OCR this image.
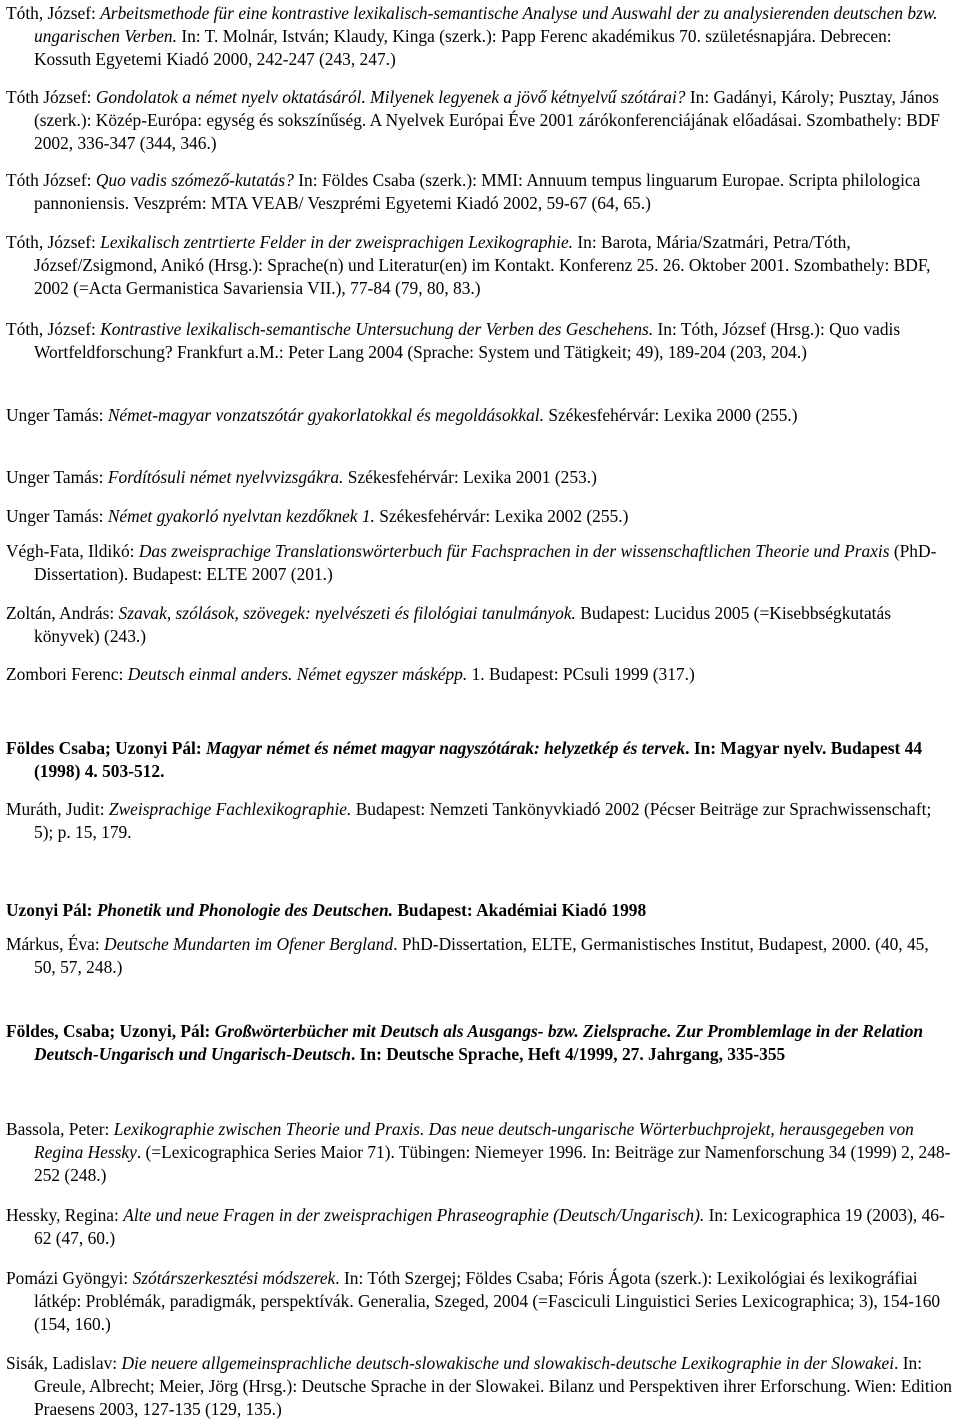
Tóth, József: Arbeitsmethode für eine kontrastive lexikalisch-semantische Analyse und Auswahl der zu analysierenden deutschen bzw. ungarischen Verben. In: T. Molnár, István; Klaudy, Kinga (szerk.): Papp Ferenc akadémikus 70. születésnapjára. Debrecen: Kossuth Egyetemi Kiadó 2000, 242-247 (243, 247.)
Tóth József: Gondolatok a német nyelv oktatásáról. Milyenek legyenek a jövő kétnyelvű szótárai? In: Gadányi, Károly; Pusztay, János (szerk.): Közép-Európa: egység és sokszínűség. A Nyelvek Európai Éve 2001 zárókonferenciájának előadásai. Szombathely: BDF 2002, 336-347 (344, 346.)
Tóth József: Quo vadis szómező-kutatás? In: Földes Csaba (szerk.): MMI: Annuum tempus linguarum Europae. Scripta philologica pannoniensis. Veszprém: MTA VEAB/ Veszprémi Egyetemi Kiadó 2002, 59-67 (64, 65.)
Tóth, József: Lexikalisch zentrtierte Felder in der zweisprachigen Lexikographie. In: Barota, Mária/Szatmári, Petra/Tóth, József/Zsigmond, Anikó (Hrsg.): Sprache(n) und Literatur(en) im Kontakt. Konferenz 25. 26. Oktober 2001. Szombathely: BDF, 2002 (=Acta Germanistica Savariensia VII.), 77-84 (79, 80, 83.)
Tóth, József: Kontrastive lexikalisch-semantische Untersuchung der Verben des Geschehens. In: Tóth, József (Hrsg.): Quo vadis Wortfeldforschung? Frankfurt a.M.: Peter Lang 2004 (Sprache: System und Tätigkeit; 49), 189-204 (203, 204.)
Unger Tamás: Német-magyar vonzatszótár gyakorlatokkal és megoldásokkal. Székesfehérvár: Lexika 2000 (255.)
Unger Tamás: Fordítósuli német nyelvvizsgákra. Székesfehérvár: Lexika 2001 (253.)
Unger Tamás: Német gyakorló nyelvtan kezdőknek 1. Székesfehérvár: Lexika 2002 (255.)
Végh-Fata, Ildikó: Das zweisprachige Translationswörterbuch für Fachsprachen in der wissenschaftlichen Theorie und Praxis (PhD-Dissertation). Budapest: ELTE 2007 (201.)
Zoltán, András: Szavak, szólások, szövegek: nyelvészeti és filológiai tanulmányok. Budapest: Lucidus 2005 (=Kisebbségkutatás könyvek) (243.)
Zombori Ferenc: Deutsch einmal anders. Német egyszer másképp. 1. Budapest: PCsuli 1999 (317.)
Földes Csaba; Uzonyi Pál: Magyar német és német magyar nagyszótárak: helyzetkép és tervek. In: Magyar nyelv. Budapest 44 (1998) 4. 503-512.
Muráth, Judit: Zweisprachige Fachlexikographie. Budapest: Nemzeti Tankönyvkiadó 2002 (Pécser Beiträge zur Sprachwissenschaft; 5); p. 15, 179.
Uzonyi Pál: Phonetik und Phonologie des Deutschen. Budapest: Akadémiai Kiadó 1998
Márkus, Éva: Deutsche Mundarten im Ofener Bergland. PhD-Dissertation, ELTE, Germanistisches Institut, Budapest, 2000. (40, 45, 50, 57, 248.)
Földes, Csaba; Uzonyi, Pál: Großwörterbücher mit Deutsch als Ausgangs- bzw. Zielsprache. Zur Promblemlage in der Relation Deutsch-Ungarisch und Ungarisch-Deutsch. In: Deutsche Sprache, Heft 4/1999, 27. Jahrgang, 335-355
Bassola, Peter: Lexikographie zwischen Theorie und Praxis. Das neue deutsch-ungarische Wörterbuchprojekt, herausgegeben von Regina Hessky. (=Lexicographica Series Maior 71). Tübingen: Niemeyer 1996. In: Beiträge zur Namenforschung 34 (1999) 2, 248-252 (248.)
Hessky, Regina: Alte und neue Fragen in der zweisprachigen Phraseographie (Deutsch/Ungarisch). In: Lexicographica 19 (2003), 46-62 (47, 60.)
Pomázi Gyöngyi: Szótárszerkesztési módszerek. In: Tóth Szergej; Földes Csaba; Fóris Ágota (szerk.): Lexikológiai és lexikográfiai látkép: Problémák, paradigmák, perspektívák. Generalia, Szeged, 2004 (=Fasciculi Linguistici Series Lexicographica; 3), 154-160 (154, 160.)
Sisák, Ladislav: Die neuere allgemeinsprachliche deutsch-slowakische und slowakisch-deutsche Lexikographie in der Slowakei. In: Greule, Albrecht; Meier, Jörg (Hrsg.): Deutsche Sprache in der Slowakei. Bilanz und Perspektiven ihrer Erforschung. Wien: Edition Praesens 2003, 127-135 (129, 135.)
